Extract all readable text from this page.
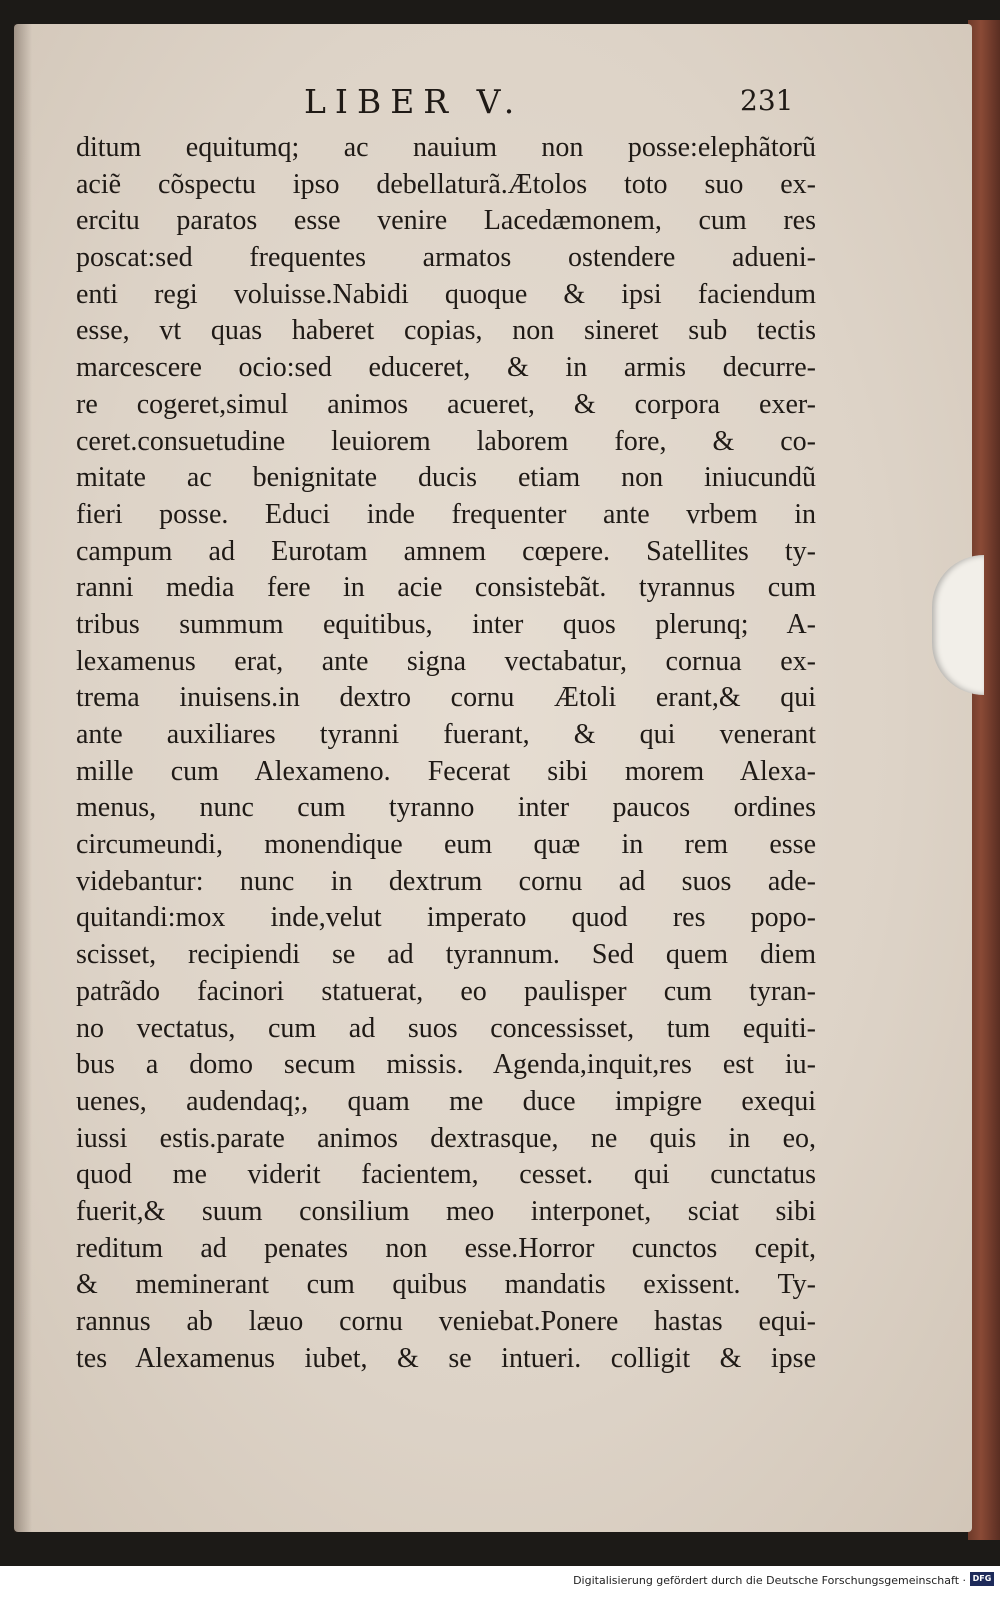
LIBER V.	231
ditum equitumq; ac nauium non posse:elephãtorũ
aciẽ cõspectu ipso debellaturã.Ætolos toto suo ex-
ercitu paratos esse venire Lacedæmonem, cum res
poscat:sed frequentes armatos ostendere adueni-
enti regi voluisse.Nabidi quoque & ipsi faciendum
esse, vt quas haberet copias, non sineret sub tectis
marcescere ocio:sed educeret, & in armis decurre-
re cogeret,simul animos acueret, & corpora exer-
ceret.consuetudine leuiorem laborem fore, & co-
mitate ac benignitate ducis etiam non iniucundũ
fieri posse. Educi inde frequenter ante vrbem in
campum ad Eurotam amnem cœpere. Satellites ty-
ranni media fere in acie consistebãt. tyrannus cum
tribus summum equitibus, inter quos plerunq; A-
lexamenus erat, ante signa vectabatur, cornua ex-
trema inuisens.in dextro cornu Ætoli erant,& qui
ante auxiliares tyranni fuerant, & qui venerant
mille cum Alexameno. Fecerat sibi morem Alexa-
menus, nunc cum tyranno inter paucos ordines
circumeundi, monendique eum quæ in rem esse
videbantur: nunc in dextrum cornu ad suos ade-
quitandi:mox inde,velut imperato quod res popo-
scisset, recipiendi se ad tyrannum. Sed quem diem
patrãdo facinori statuerat, eo paulisper cum tyran-
no vectatus, cum ad suos concessisset, tum equiti-
bus a domo secum missis. Agenda,inquit,res est iu-
uenes, audendaq;, quam me duce impigre exequi
iussi estis.parate animos dextrasque, ne quis in eo,
quod me viderit facientem, cesset. qui cunctatus
fuerit,& suum consilium meo interponet, sciat sibi
reditum ad penates non esse.Horror cunctos cepit,
& meminerant cum quibus mandatis exissent. Ty-
rannus ab læuo cornu veniebat.Ponere hastas equi-
tes Alexamenus iubet, & se intueri. colligit & ipse
Digitalisierung gefördert durch die Deutsche Forschungsgemeinschaft · DFG
